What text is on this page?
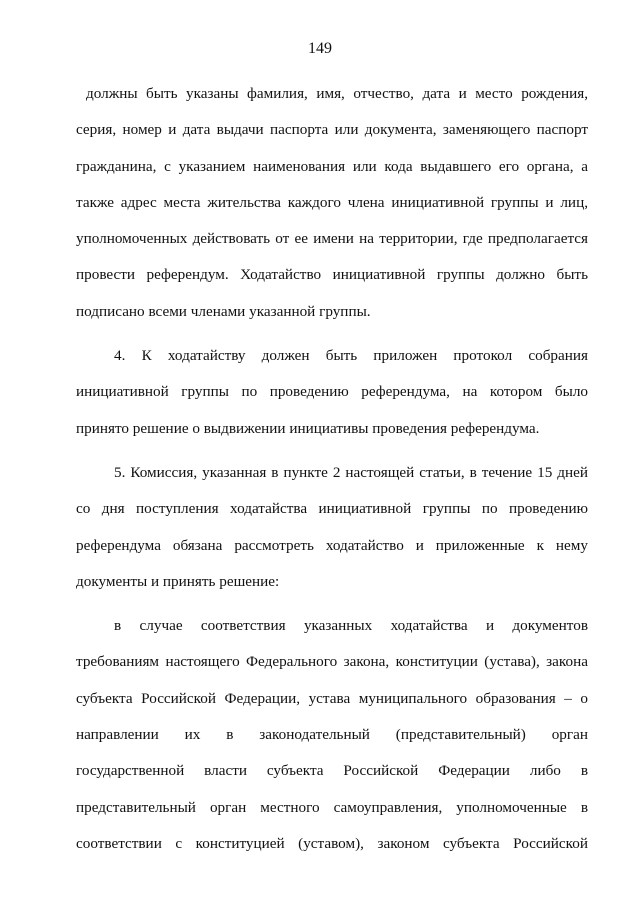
149
должны быть указаны фамилия, имя, отчество, дата и место рождения,
серия, номер и дата выдачи паспорта или документа, заменяющего паспорт
гражданина, с указанием наименования или кода выдавшего его органа, а
также адрес места жительства каждого члена инициативной группы и лиц,
уполномоченных действовать от ее имени на территории, где предполагается
провести референдум. Ходатайство инициативной группы должно быть
подписано всеми членами указанной группы.
4. К ходатайству должен быть приложен протокол собрания
инициативной группы по проведению референдума, на котором было
принято решение о выдвижении инициативы проведения референдума.
5. Комиссия, указанная в пункте 2 настоящей статьи, в течение 15 дней
со дня поступления ходатайства инициативной группы по проведению
референдума обязана рассмотреть ходатайство и приложенные к нему
документы и принять решение:
в случае соответствия указанных ходатайства и документов
требованиям настоящего Федерального закона, конституции (устава), закона
субъекта Российской Федерации, устава муниципального образования – о
направлении их в законодательный (представительный) орган
государственной власти субъекта Российской Федерации либо в
представительный орган местного самоуправления, уполномоченные в
соответствии с конституцией (уставом), законом субъекта Российской
